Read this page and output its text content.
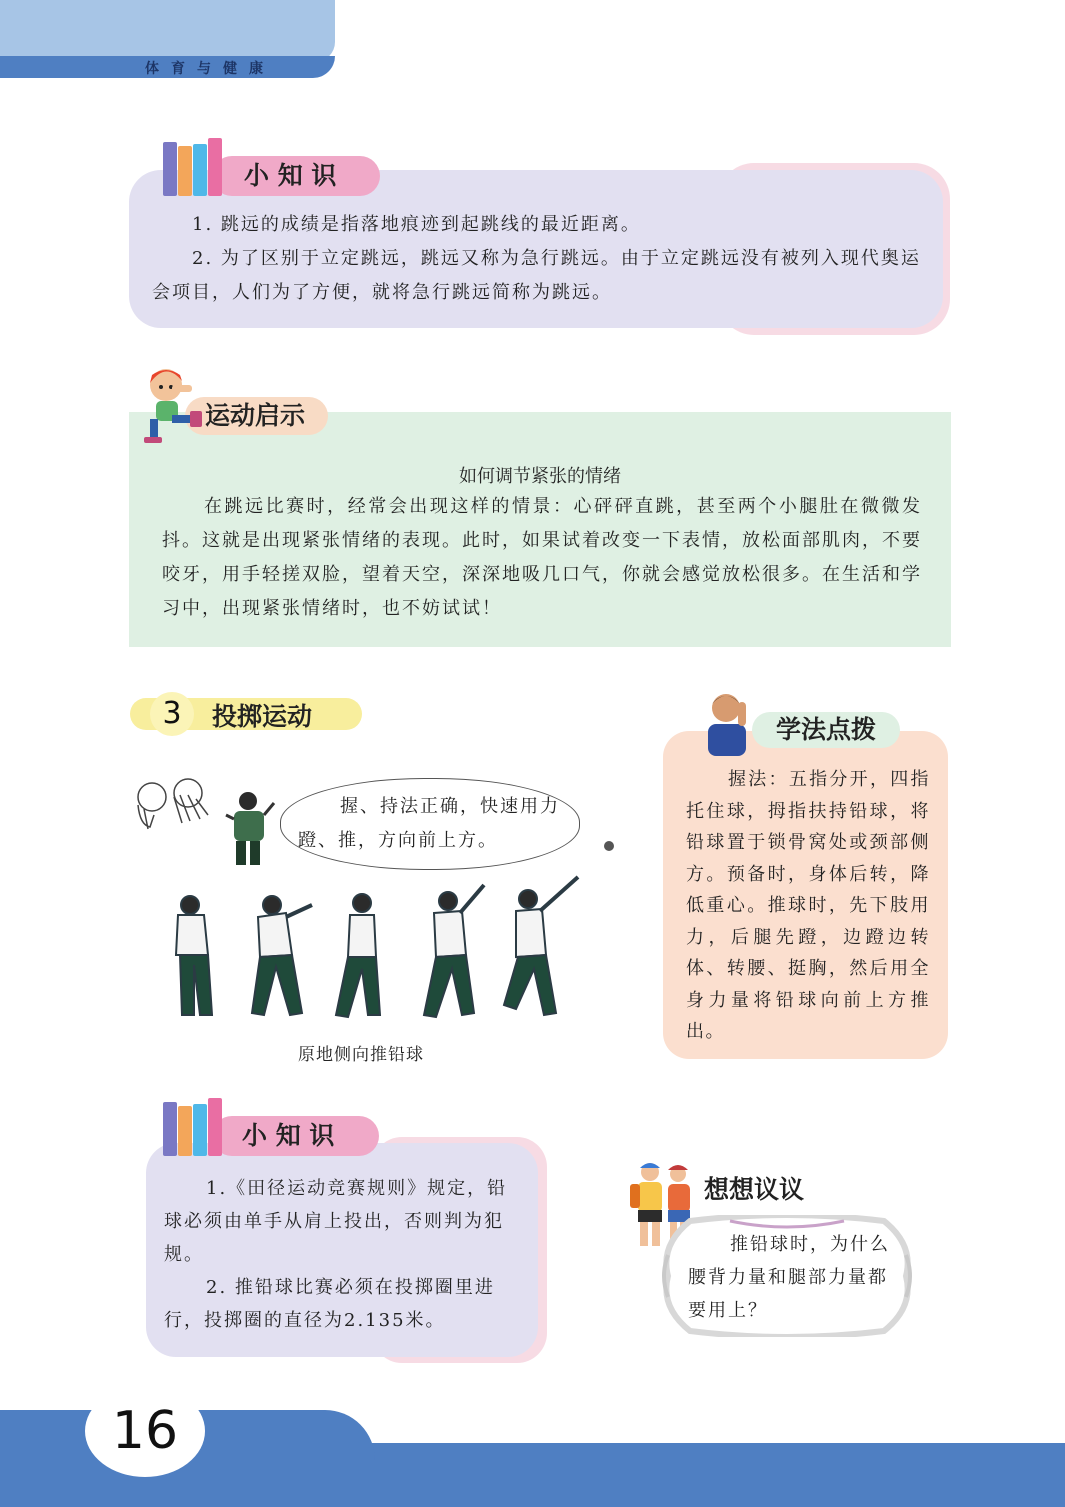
体育与健康
小 知 识
1. 跳远的成绩是指落地痕迹到起跳线的最近距离。
2. 为了区别于立定跳远，跳远又称为急行跳远。由于立定跳远没有被列入现代奥运会项目，人们为了方便，就将急行跳远简称为跳远。
运动启示
如何调节紧张的情绪
在跳远比赛时，经常会出现这样的情景：心砰砰直跳，甚至两个小腿肚在微微发抖。这就是出现紧张情绪的表现。此时，如果试着改变一下表情，放松面部肌肉，不要咬牙，用手轻搓双脸，望着天空，深深地吸几口气，你就会感觉放松很多。在生活和学习中，出现紧张情绪时，也不妨试试！
3	投掷运动
握、持法正确，快速用力蹬、推，方向前上方。
原地侧向推铅球
学法点拨
握法：五指分开，四指托住球，拇指扶持铅球，将铅球置于锁骨窝处或颈部侧方。预备时，身体后转，降低重心。推球时，先下肢用力，后腿先蹬，边蹬边转体、转腰、挺胸，然后用全身力量将铅球向前上方推出。
小 知 识
1.《田径运动竞赛规则》规定，铅球必须由单手从肩上投出，否则判为犯规。
2. 推铅球比赛必须在投掷圈里进行，投掷圈的直径为2.135米。
想想议议
推铅球时，为什么腰背力量和腿部力量都要用上？
16
